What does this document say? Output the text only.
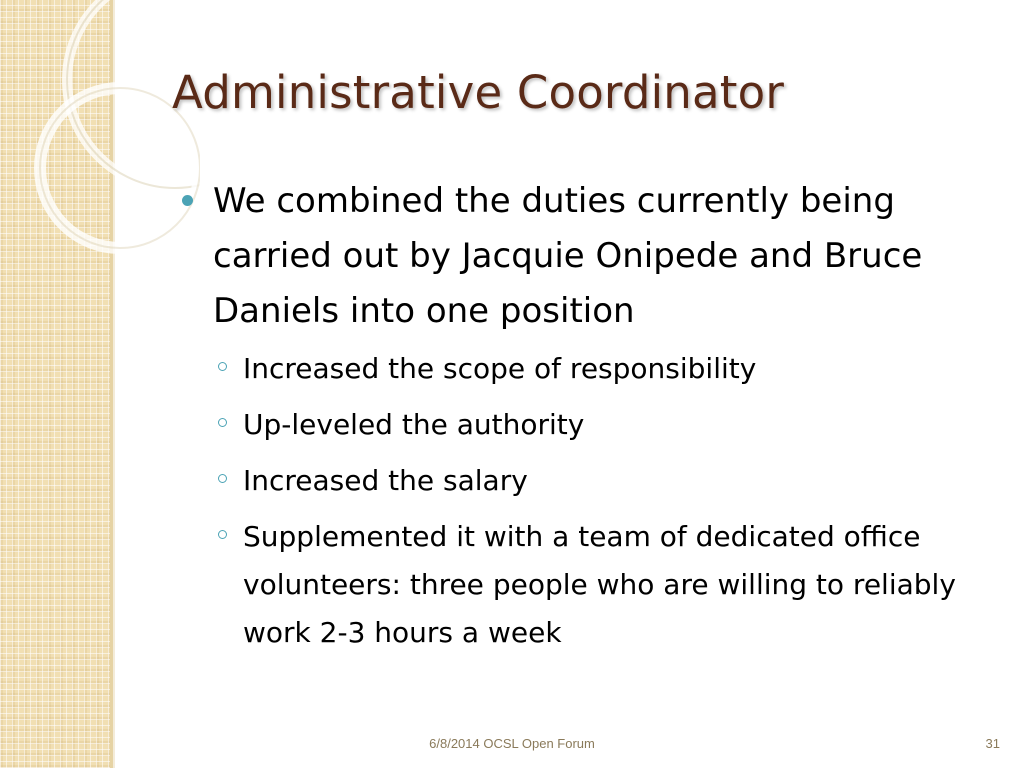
Administrative Coordinator

We combined the duties currently being carried out by Jacquie Onipede and Bruce Daniels into one position

Increased the scope of responsibility

Up-leveled the authority

Increased the salary

Supplemented it with a team of dedicated office volunteers: three people who are willing to reliably work 2-3 hours a week

6/8/2014 OCSL Open Forum	31
